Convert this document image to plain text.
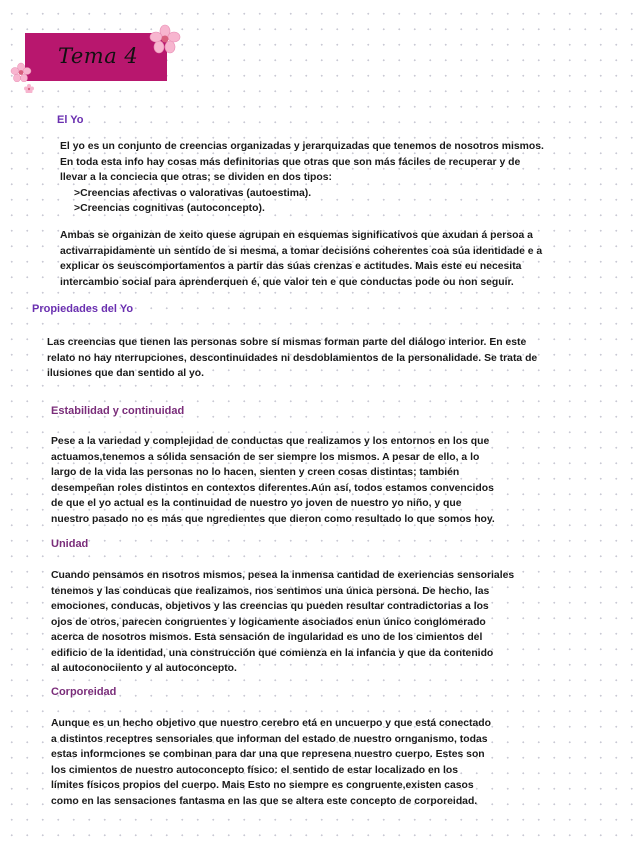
Tema 4
El Yo
El yo es un conjunto de creencias organizadas y jerarquizadas que tenemos de nosotros mismos.
En toda esta info hay cosas más definitorias que otras que son más fáciles de recuperar y de
llevar a la conciecia que otras; se dividen en dos tipos:
>Creencias afectivas o valorativas (autoestima).
>Creencias cognitivas (autoconcepto).
Ambas se organizan de xeito quese agrupan en esquemas significativos que axudan á persoa a
activarrapidamente un sentido de si mesma, a tomar decisións coherentes coa súa identidade e a
explicar os seuscomportamentos a partir das súas crenzas e actitudes. Mais este eu necesita
intercambio social para aprenderquen é, que valor ten e que conductas pode ou non seguir.
Propiedades del Yo
Las creencias que tienen las personas sobre sí mismas forman parte del diálogo interior. En este
relato no hay nterrupciones, descontinuidades ni desdoblamientos de la personalidade. Se trata de
ilusiones que dan sentido al yo.
Estabilidad y continuidad
Pese a la variedad y complejidad de conductas que realizamos y los entornos en los que
actuamos,tenemos a sólida sensación de ser siempre los mismos. A pesar de ello, a lo
largo de la vida las personas no lo hacen, sienten y creen cosas distintas; también
desempeñan roles distintos en contextos diferentes.Aún así, todos estamos convencidos
de que el yo actual es la continuidad de nuestro yo joven de nuestro yo niño, y que
nuestro pasado no es más que ngredientes que dieron como resultado lo que somos hoy.
Unidad
Cuando pensamos en nsotros mismos, pesea la inmensa cantidad de exeriencias sensoriales
tenemos y las conducas que realizamos, nos sentimos una única persona. De hecho, las
emociones, conducas, objetivos y las creencias qu pueden resultar contradictorias a los
ojos de otros, parecen congruentes y logicamente asociados enun único conglomerado
acerca de nosotros mismos. Esta sensación de ingularidad es uno de los cimientos del
edificio de la identidad, una construcción que comienza en la infancia y que da contenido
al autoconociiento y al autoconcepto.
Corporeidad
Aunque es un hecho objetivo que nuestro cerebro etá en uncuerpo y que está conectado
a distintos receptres sensoriales que informan del estado de nuestro ornganismo, todas
estas informciones se combinan para dar una que represena nuestro cuerpo. Estes son
los cimientos de nuestro autoconcepto físico: el sentido de estar localizado en los
límites físicos propios del cuerpo. Mais Esto no siempre es congruente,existen casos
como en las sensaciones fantasma en las que se altera este concepto de corporeidad.
